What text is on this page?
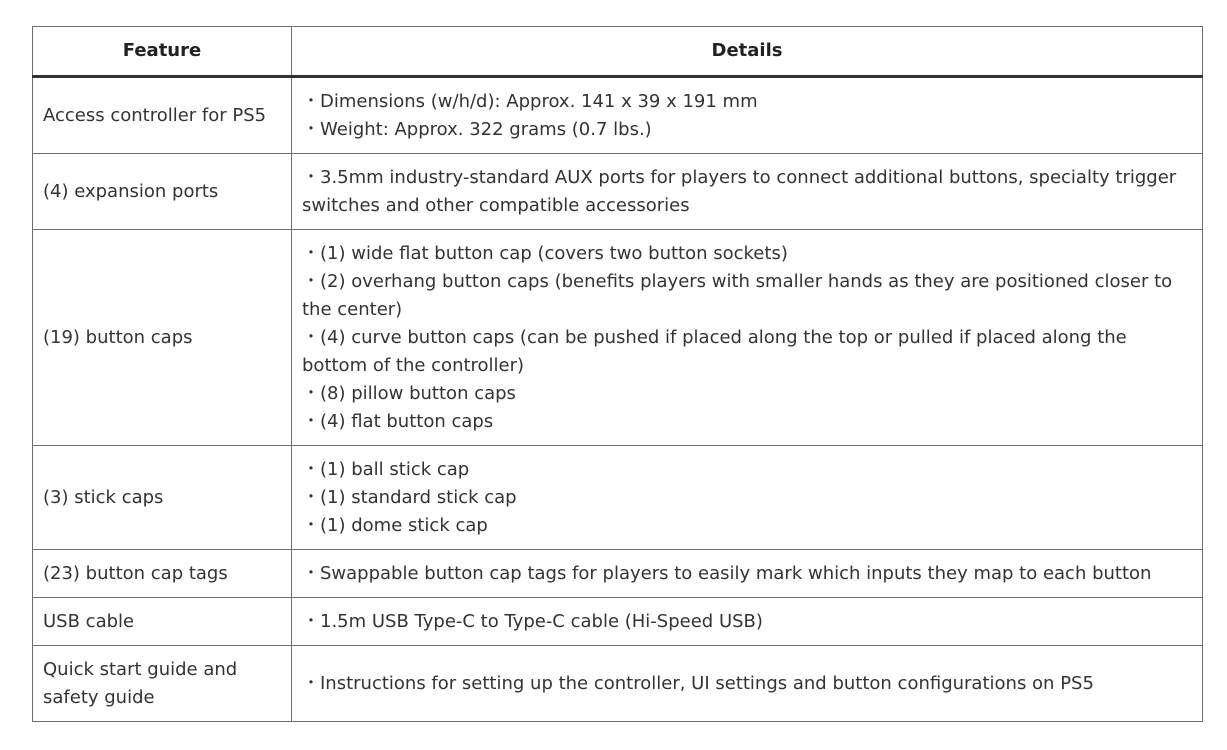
Feature	Details
Access controller for PS5	・Dimensions (w/h/d): Approx. 141 x 39 x 191 mm
・Weight: Approx. 322 grams (0.7 lbs.)

(4) expansion ports	・3.5mm industry-standard AUX ports for players to connect additional buttons, specialty trigger switches and other compatible accessories

(19) button caps	・(1) wide flat button cap (covers two button sockets)
・(2) overhang button caps (benefits players with smaller hands as they are positioned closer to the center)
・(4) curve button caps (can be pushed if placed along the top or pulled if placed along the bottom of the controller)
・(8) pillow button caps
・(4) flat button caps

(3) stick caps	・(1) ball stick cap
・(1) standard stick cap
・(1) dome stick cap

(23) button cap tags	・Swappable button cap tags for players to easily mark which inputs they map to each button

USB cable	・1.5m USB Type-C to Type-C cable (Hi-Speed USB)

Quick start guide and safety guide	・Instructions for setting up the controller, UI settings and button configurations on PS5
